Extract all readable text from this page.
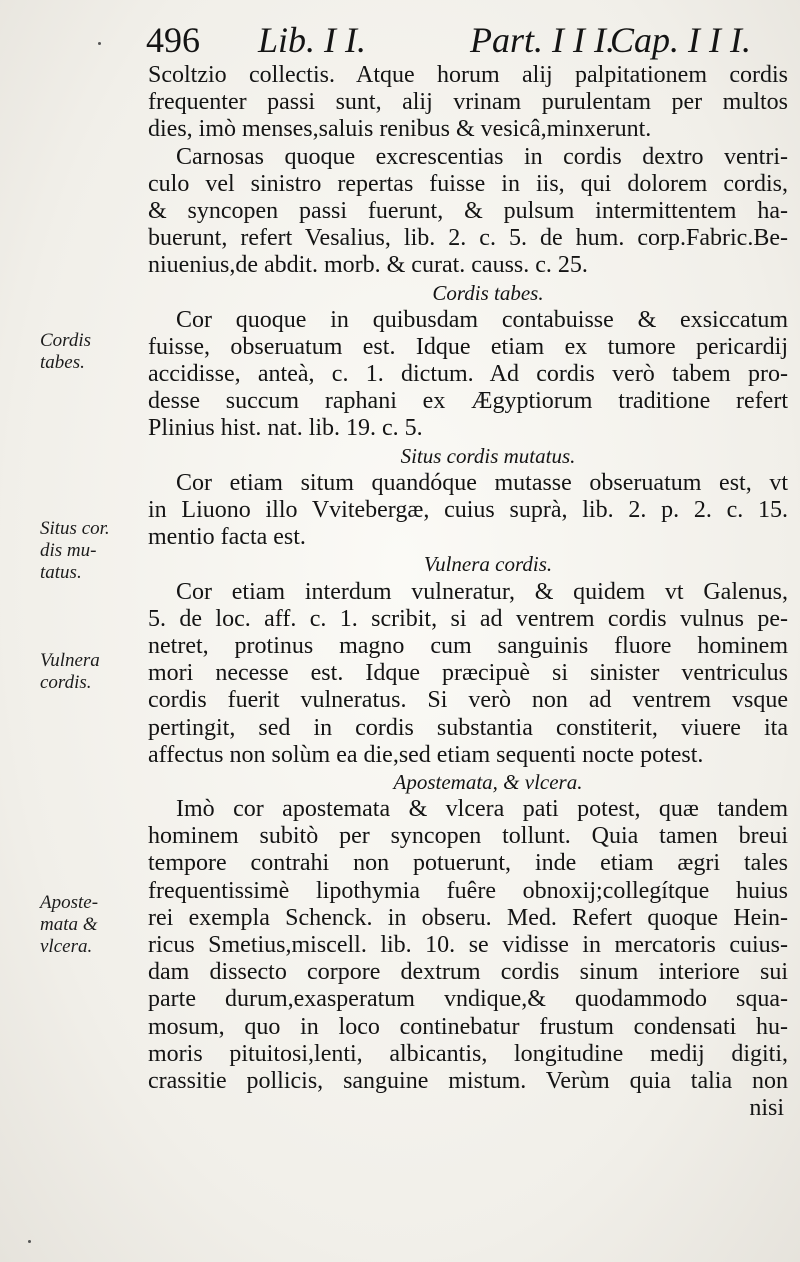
496 Lib. I I.	Part. I I I.
Cap. I I I.
Cordis
tabes.
Situs cor.
dis mu-
tatus.
Vulnera
cordis.
Aposte-
mata &
vlcera.
Scoltzio collectis. Atque horum alij palpitationem cordis
frequenter passi sunt, alij vrinam purulentam per multos
dies, imò menses,saluis renibus & vesicâ,minxerunt.
Carnosas quoque excrescentias in cordis dextro ventri-
culo vel sinistro repertas fuisse in iis, qui dolorem cordis,
& syncopen passi fuerunt, & pulsum intermittentem ha-
buerunt, refert Vesalius, lib. 2. c. 5. de hum. corp.Fabric.Be-
niuenius,de abdit. morb. & curat. causs. c. 25.
Cordis tabes.
Cor quoque in quibusdam contabuisse & exsiccatum
fuisse, obseruatum est. Idque etiam ex tumore pericardij
accidisse, anteà, c. 1. dictum. Ad cordis verò tabem pro-
desse succum raphani ex Ægyptiorum traditione refert
Plinius hist. nat. lib. 19. c. 5.
Situs cordis mutatus.
Cor etiam situm quandóque mutasse obseruatum est, vt
in Liuono illo Vvitebergæ, cuius suprà, lib. 2. p. 2. c. 15.
mentio facta est.
Vulnera cordis.
Cor etiam interdum vulneratur, & quidem vt Galenus,
5. de loc. aff. c. 1. scribit, si ad ventrem cordis vulnus pe-
netret, protinus magno cum sanguinis fluore hominem
mori necesse est. Idque præcipuè si sinister ventriculus
cordis fuerit vulneratus. Si verò non ad ventrem vsque
pertingit, sed in cordis substantia constiterit, viuere ita
affectus non solùm ea die,sed etiam sequenti nocte potest.
Apostemata, & vlcera.
Imò cor apostemata & vlcera pati potest, quæ tandem
hominem subitò per syncopen tollunt. Quia tamen breui
tempore contrahi non potuerunt, inde etiam ægri tales
frequentissimè lipothymia fuêre obnoxij;collegítque huius
rei exempla Schenck. in obseru. Med. Refert quoque Hein-
ricus Smetius,miscell. lib. 10. se vidisse in mercatoris cuius-
dam dissecto corpore dextrum cordis sinum interiore sui
parte durum,exasperatum vndique,& quodammodo squa-
mosum, quo in loco continebatur frustum condensati hu-
moris pituitosi,lenti, albicantis, longitudine medij digiti,
crassitie pollicis, sanguine mistum. Verùm quia talia non
nisi
